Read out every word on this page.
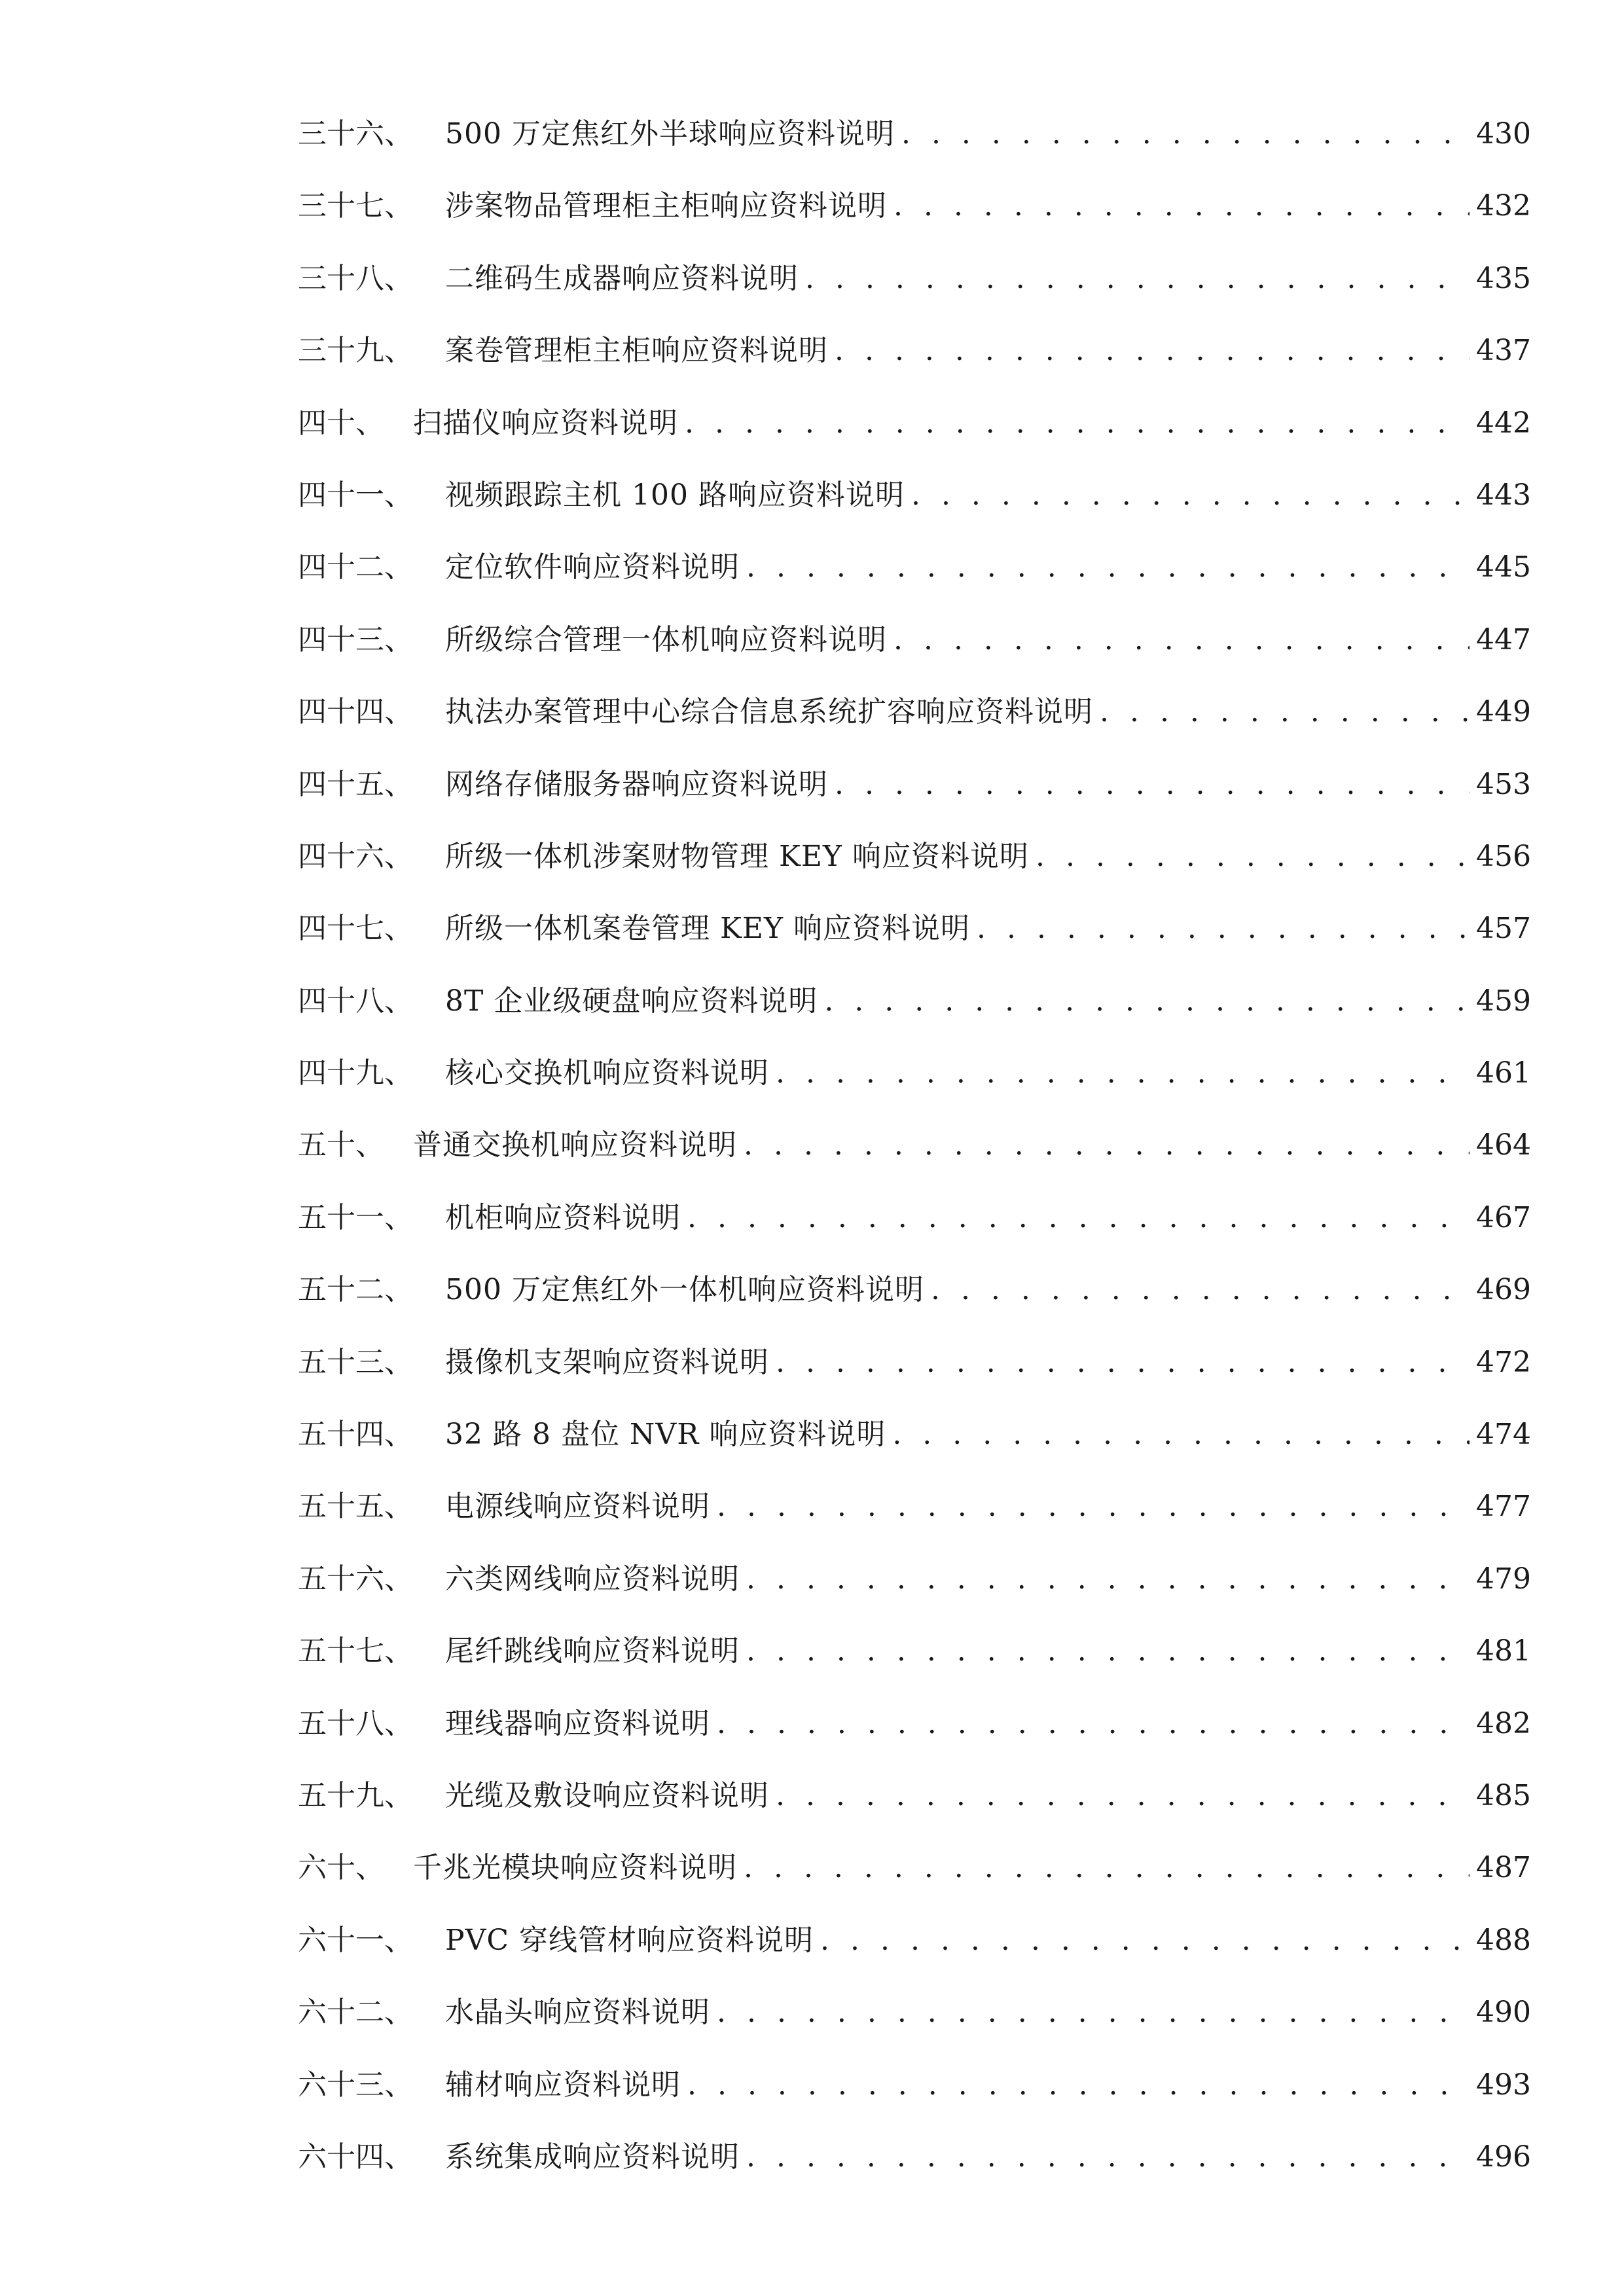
三十六、	500 万定焦红外半球响应资料说明 . . .	430
三十七、	涉案物品管理柜主柜响应资料说明 . . .	432
三十八、	二维码生成器响应资料说明 . . .	435
三十九、	案卷管理柜主柜响应资料说明 . . .	437
四十、	扫描仪响应资料说明 . . .	442
四十一、	视频跟踪主机 100 路响应资料说明 . . .	443
四十二、	定位软件响应资料说明 . . .	445
四十三、	所级综合管理一体机响应资料说明 . . .	447
四十四、	执法办案管理中心综合信息系统扩容响应资料说明 . . .	449
四十五、	网络存储服务器响应资料说明 . . .	453
四十六、	所级一体机涉案财物管理 KEY 响应资料说明 . . .	456
四十七、	所级一体机案卷管理 KEY 响应资料说明 . . .	457
四十八、	8T 企业级硬盘响应资料说明 . . .	459
四十九、	核心交换机响应资料说明 . . .	461
五十、	普通交换机响应资料说明 . . .	464
五十一、	机柜响应资料说明 . . .	467
五十二、	500 万定焦红外一体机响应资料说明 . . .	469
五十三、	摄像机支架响应资料说明 . . .	472
五十四、	32 路 8 盘位 NVR 响应资料说明 . . .	474
五十五、	电源线响应资料说明 . . .	477
五十六、	六类网线响应资料说明 . . .	479
五十七、	尾纤跳线响应资料说明 . . .	481
五十八、	理线器响应资料说明 . . .	482
五十九、	光缆及敷设响应资料说明 . . .	485
六十、	千兆光模块响应资料说明 . . .	487
六十一、	PVC 穿线管材响应资料说明 . . .	488
六十二、	水晶头响应资料说明 . . .	490
六十三、	辅材响应资料说明 . . .	493
六十四、	系统集成响应资料说明 . . .	496
